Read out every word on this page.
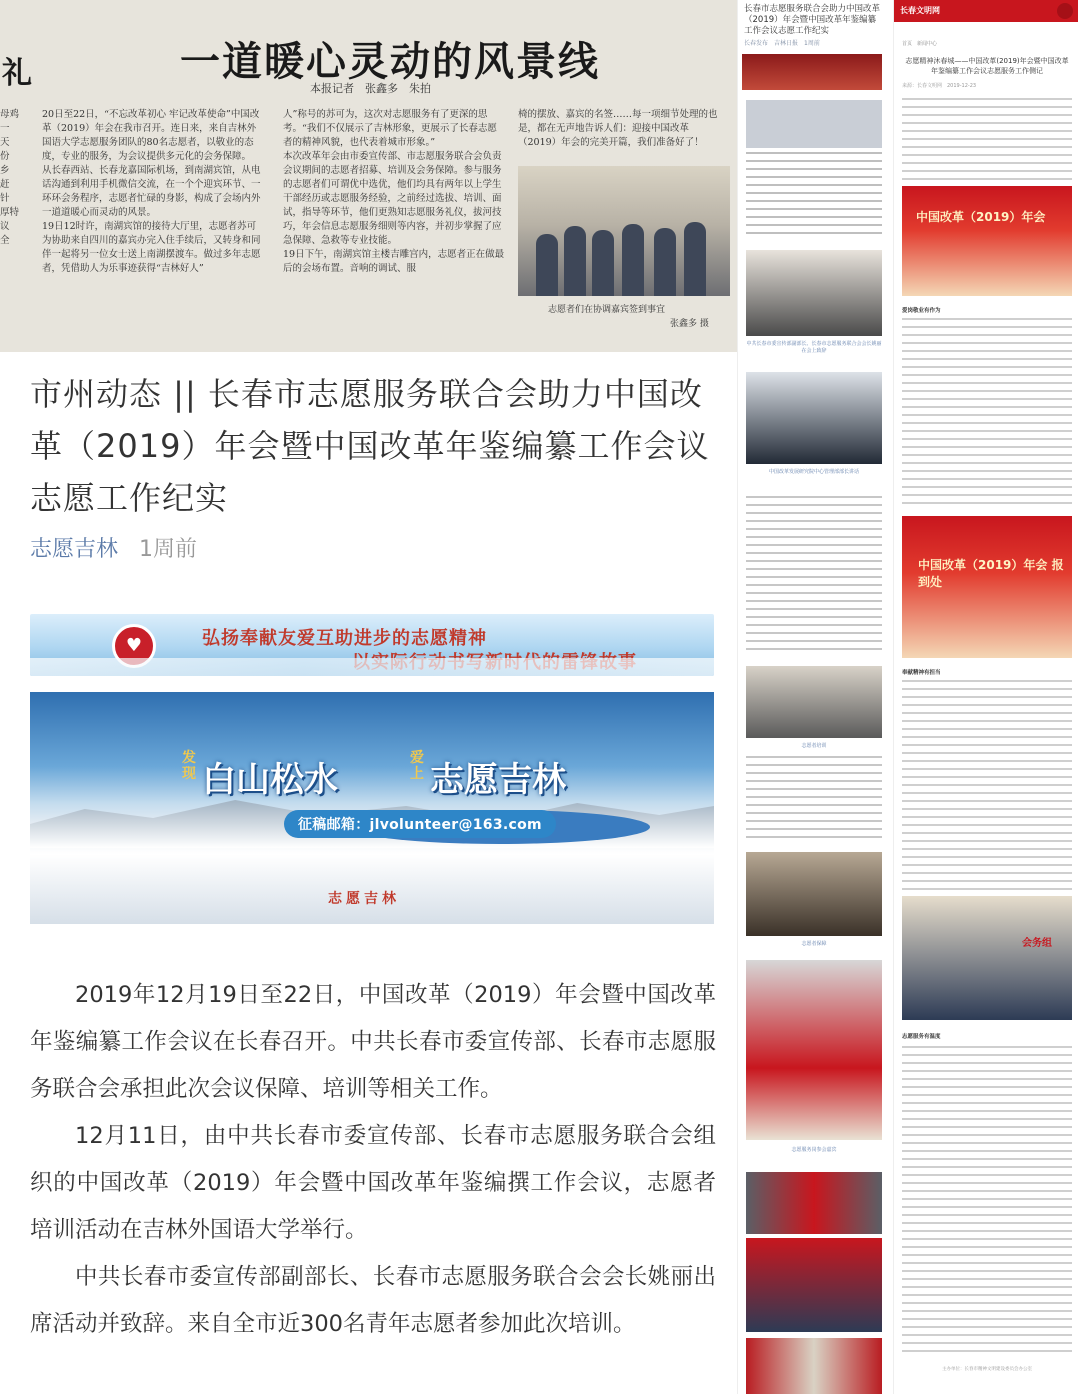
礼	一道暖心灵动的风景线
本报记者　张鑫多　朱拍
母鸡
一
天
份
乡
赶
针
厚特
议
全
20日至22日，“不忘改革初心 牢记改革使命”中国改革（2019）年会在我市召开。连日来，来自吉林外国语大学志愿服务团队的80名志愿者，以敬业的态度，专业的服务，为会议提供多元化的会务保障。
从长春西站、长春龙嘉国际机场，到南湖宾馆，从电话沟通到利用手机微信交流，在一个个迎宾环节、一环环会务程序，志愿者忙碌的身影，构成了会场内外一道道暖心而灵动的风景。
19日12时许，南湖宾馆的接待大厅里，志愿者苏可为协助来自四川的嘉宾办完入住手续后，又转身和同伴一起将另一位女士送上南湖摆渡车。做过多年志愿者，凭借助人为乐事迹获得“吉林好人”
人”称号的苏可为，这次对志愿服务有了更深的思考。“我们不仅展示了吉林形象，更展示了长春志愿者的精神风貌，也代表着城市形象。”
本次改革年会由市委宣传部、市志愿服务联合会负责会议期间的志愿者招募、培训及会务保障。参与服务的志愿者们可谓优中选优，他们均具有两年以上学生干部经历或志愿服务经验，之前经过选拔、培训、面试，指导等环节，他们更熟知志愿服务礼仪，拔河技巧，年会信息志愿服务细则等内容，并初步掌握了应急保障、急救等专业技能。
19日下午，南湖宾馆主楼吉雕宫内，志愿者正在做最后的会场布置。音响的调试、服
椅的摆放、嘉宾的名签……每一项细节处理的也是，都在无声地告诉人们：迎接中国改革（2019）年会的完美开篇，我们准备好了！
志愿者们在协调嘉宾签到事宜
张鑫多 摄
市州动态 || 长春市志愿服务联合会助力中国改革（2019）年会暨中国改革年鉴编纂工作会议志愿工作纪实
志愿吉林 1周前
♥	弘扬奉献友爱互助进步的志愿精神
发现 白山松水
爱上 志愿吉林
征稿邮箱：jlvolunteer@163.com
志愿吉林

2019年12月19日至22日，中国改革（2019）年会暨中国改革年鉴编纂工作会议在长春召开。中共长春市委宣传部、长春市志愿服务联合会承担此次会议保障、培训等相关工作。

12月11日，由中共长春市委宣传部、长春市志愿服务联合会组织的中国改革（2019）年会暨中国改革年鉴编撰工作会议，志愿者培训活动在吉林外国语大学举行。

中共长春市委宣传部副部长、长春市志愿服务联合会会长姚丽出席活动并致辞。来自全市近300名青年志愿者参加此次培训。

长春市志愿服务联合会助力中国改革（2019）年会暨中国改革年鉴编纂工作会议志愿工作纪实
长春发布　吉林日报　1周前
中共长春市委宣传部副部长、长春市志愿服务联合会会长姚丽在会上致辞
中国改革发展研究院中心管理部部长讲话
志愿者培训
志愿者保障
志愿服务岗参会嘉宾
长春文明网
首页　新闻中心
志愿精神沐春城——中国改革(2019)年会暨中国改革年鉴编纂工作会议志愿服务工作侧记
来源：长春文明网　2019-12-23
中国改革（2019）年会
爱岗敬业有作为
中国改革（2019）年会 报到处
奉献精神有担当
会务组
志愿服务有温度
主办单位：长春市精神文明建设委员会办公室
